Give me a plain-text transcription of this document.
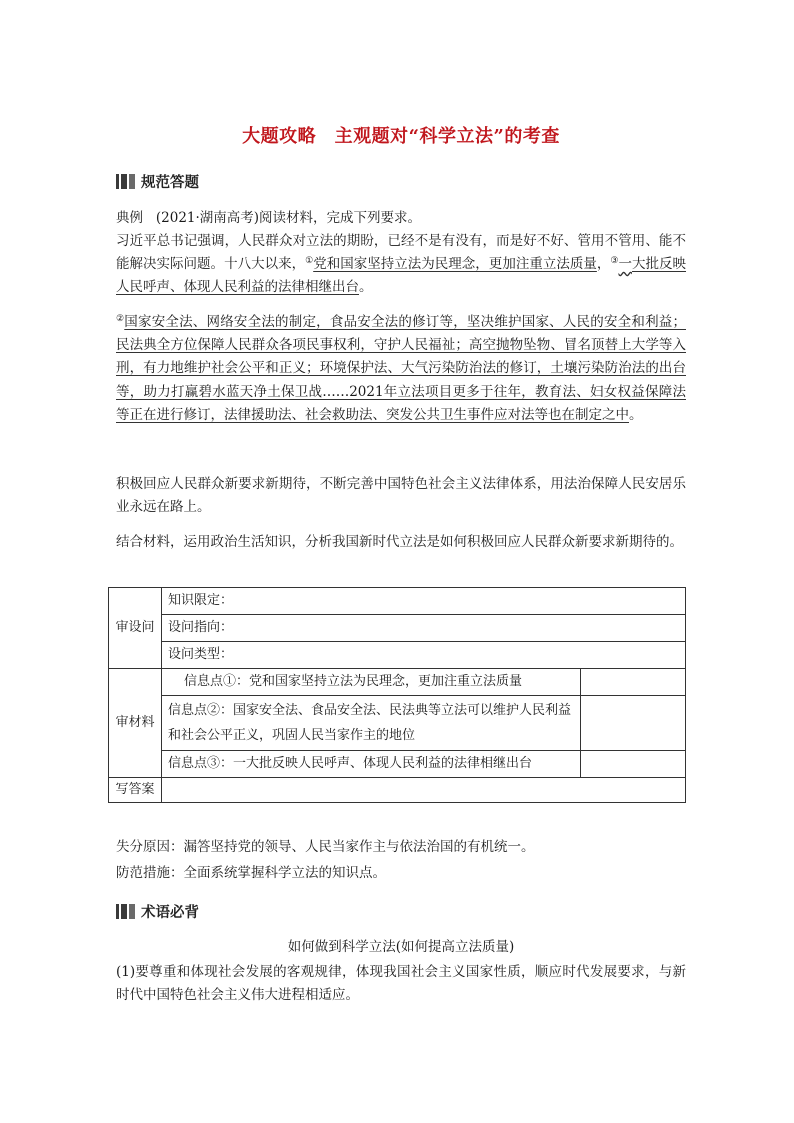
大题攻略　主观题对“科学立法”的考查
规范答题
典例 (2021·湖南高考)阅读材料，完成下列要求。
习近平总书记强调，人民群众对立法的期盼，已经不是有没有，而是好不好、管用不管用、能不能解决实际问题。十八大以来，①党和国家坚持立法为民理念，更加注重立法质量，③一大批反映人民呼声、体现人民利益的法律相继出台。
②国家安全法、网络安全法的制定，食品安全法的修订等，坚决维护国家、人民的安全和利益；民法典全方位保障人民群众各项民事权利，守护人民福祉；高空抛物坠物、冒名顶替上大学等入刑，有力地维护社会公平和正义；环境保护法、大气污染防治法的修订，土壤污染防治法的出台等，助力打赢碧水蓝天净土保卫战……2021年立法项目更多于往年，教育法、妇女权益保障法等正在进行修订，法律援助法、社会救助法、突发公共卫生事件应对法等也在制定之中。
积极回应人民群众新要求新期待，不断完善中国特色社会主义法律体系，用法治保障人民安居乐业永远在路上。
结合材料，运用政治生活知识，分析我国新时代立法是如何积极回应人民群众新要求新期待的。
审设问	知识限定：	
	设问指向：	
	设问类型：	
审材料	信息点①：党和国家坚持立法为民理念，更加注重立法质量	
	信息点②：国家安全法、食品安全法、民法典等立法可以维护人民利益和社会公平正义，巩固人民当家作主的地位	
	信息点③：一大批反映人民呼声、体现人民利益的法律相继出台	
写答案		
失分原因：漏答坚持党的领导、人民当家作主与依法治国的有机统一。
防范措施：全面系统掌握科学立法的知识点。
术语必背
如何做到科学立法(如何提高立法质量)
(1)要尊重和体现社会发展的客观规律，体现我国社会主义国家性质，顺应时代发展要求，与新时代中国特色社会主义伟大进程相适应。
